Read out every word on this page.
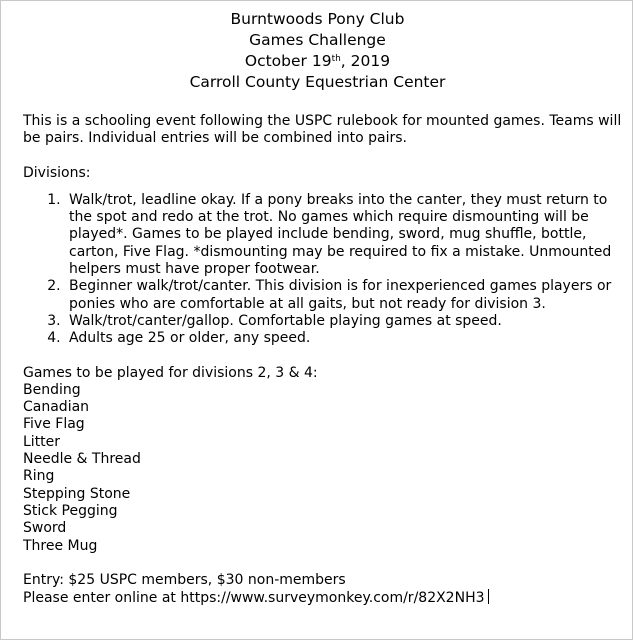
Burntwoods Pony Club
Games Challenge
October 19th, 2019
Carroll County Equestrian Center

This is a schooling event following the USPC rulebook for mounted games. Teams will be pairs. Individual entries will be combined into pairs.

Divisions:

1. Walk/trot, leadline okay. If a pony breaks into the canter, they must return to the spot and redo at the trot. No games which require dismounting will be played*. Games to be played include bending, sword, mug shuffle, bottle, carton, Five Flag. *dismounting may be required to fix a mistake. Unmounted helpers must have proper footwear.
2. Beginner walk/trot/canter. This division is for inexperienced games players or ponies who are comfortable at all gaits, but not ready for division 3.
3. Walk/trot/canter/gallop. Comfortable playing games at speed.
4. Adults age 25 or older, any speed.

Games to be played for divisions 2, 3 & 4:

Bending
Canadian
Five Flag
Litter
Needle & Thread
Ring
Stepping Stone
Stick Pegging
Sword
Three Mug

Entry: $25 USPC members, $30 non-members

Please enter online at https://www.surveymonkey.com/r/82X2NH3
